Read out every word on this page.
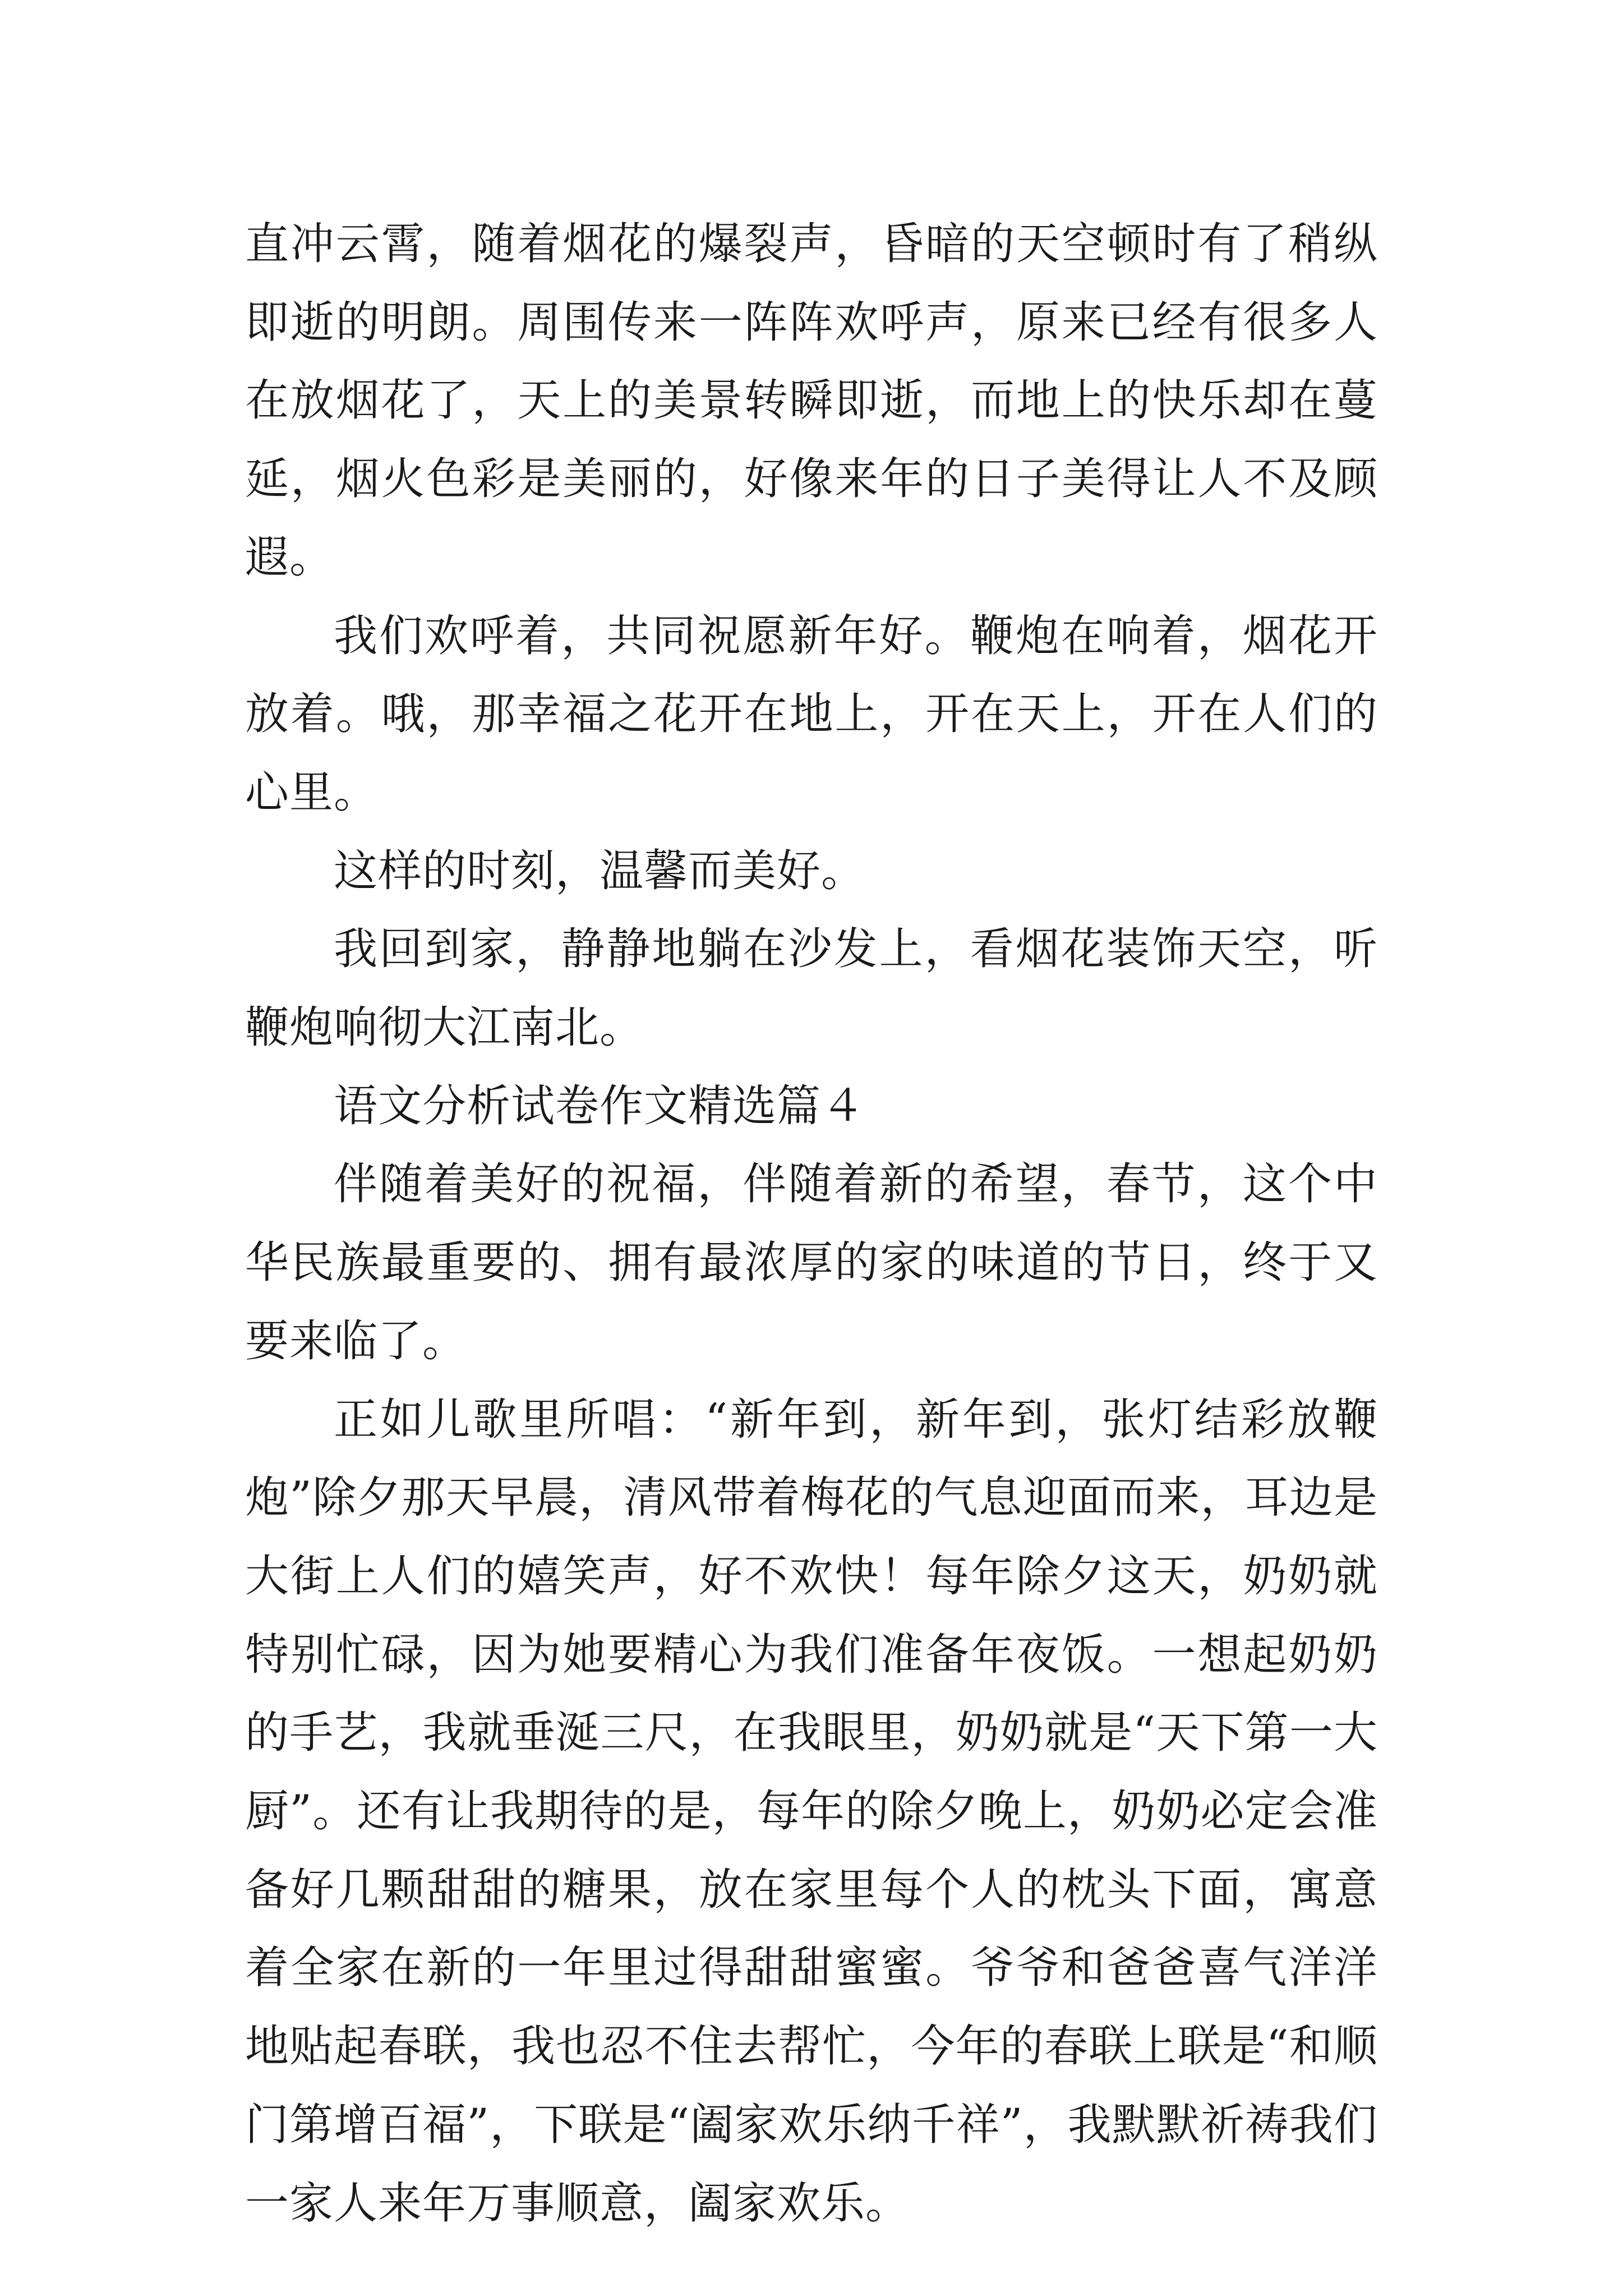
直冲云霄，随着烟花的爆裂声，昏暗的天空顿时有了稍纵即逝的明朗。周围传来一阵阵欢呼声，原来已经有很多人在放烟花了，天上的美景转瞬即逝，而地上的快乐却在蔓延，烟火色彩是美丽的，好像来年的日子美得让人不及顾遐。

我们欢呼着，共同祝愿新年好。鞭炮在响着，烟花开放着。哦，那幸福之花开在地上，开在天上，开在人们的心里。

这样的时刻，温馨而美好。

我回到家，静静地躺在沙发上，看烟花装饰天空，听鞭炮响彻大江南北。

语文分析试卷作文精选篇４

伴随着美好的祝福，伴随着新的希望，春节，这个中华民族最重要的、拥有最浓厚的家的味道的节日，终于又要来临了。

正如儿歌里所唱：“新年到，新年到，张灯结彩放鞭炮”除夕那天早晨，清风带着梅花的气息迎面而来，耳边是大街上人们的嬉笑声，好不欢快！每年除夕这天，奶奶就特别忙碌，因为她要精心为我们准备年夜饭。一想起奶奶的手艺，我就垂涎三尺，在我眼里，奶奶就是“天下第一大厨”。还有让我期待的是，每年的除夕晚上，奶奶必定会准备好几颗甜甜的糖果，放在家里每个人的枕头下面，寓意着全家在新的一年里过得甜甜蜜蜜。爷爷和爸爸喜气洋洋地贴起春联，我也忍不住去帮忙，今年的春联上联是“和顺门第增百福”，下联是“阖家欢乐纳千祥”，我默默祈祷我们一家人来年万事顺意，阖家欢乐。
